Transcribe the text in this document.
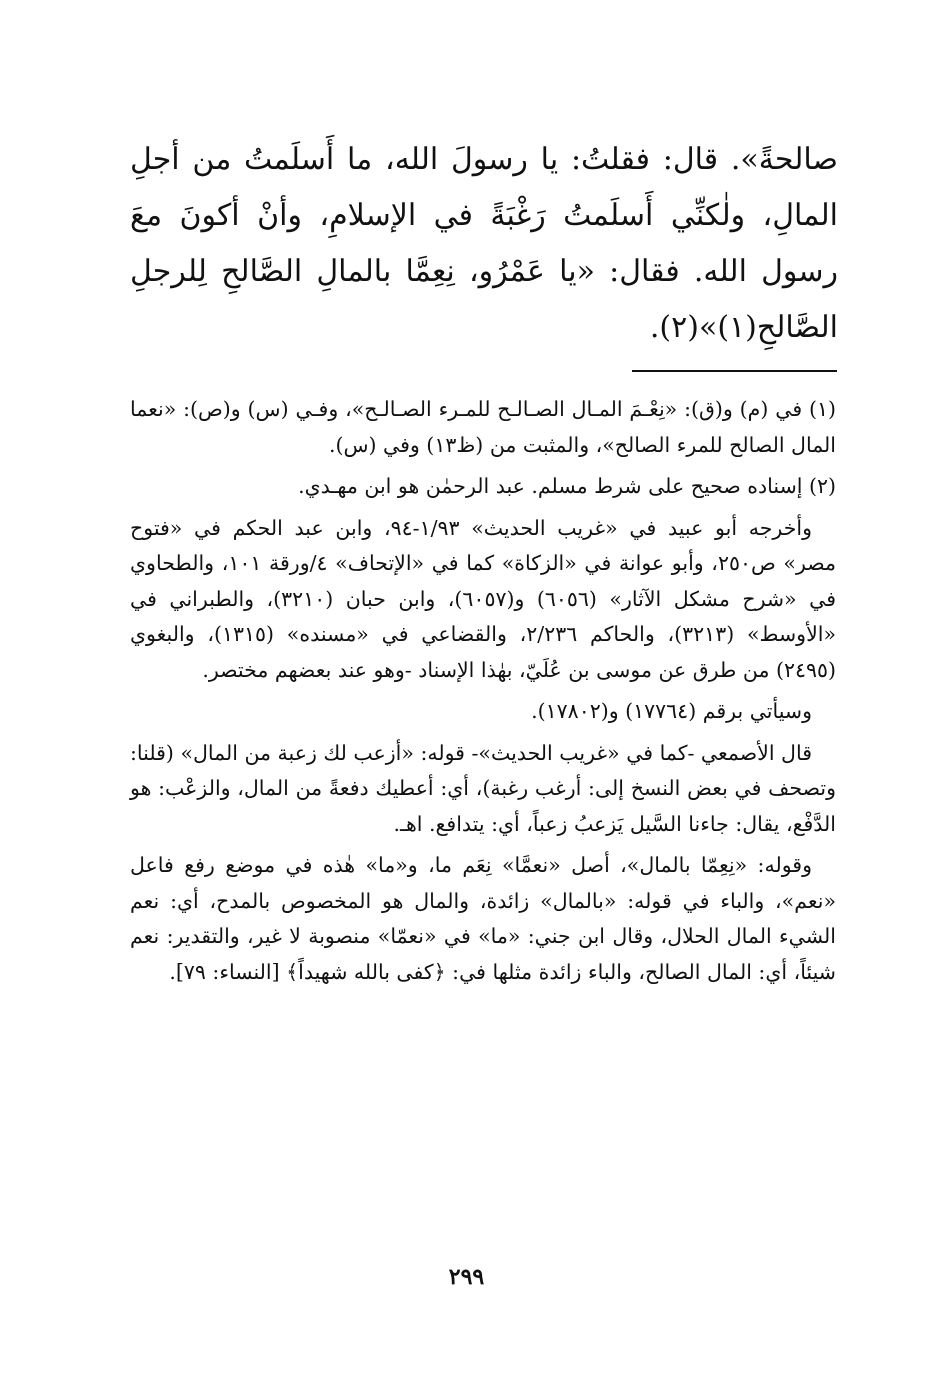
صالحةً». قال: فقلتُ: يا رسولَ الله، ما أَسلَمتُ من أجلِ المالِ، ولٰكنِّي أَسلَمتُ رَغْبَةً في الإسلامِ، وأنْ أكونَ معَ رسول الله. فقال: «يا عَمْرُو، نِعِمَّا بالمالِ الصَّالحِ لِلرجلِ الصَّالحِ(١)»(٢).

(١) في (م) و(ق): «نِعْـمَ المـال الصـالـح للمـرء الصـالـح»، وفـي (س) و(ص): «نعما المال الصالح للمرء الصالح»، والمثبت من (ظ١٣) وفي (س).

(٢) إسناده صحيح على شرط مسلم. عبد الرحمٰن هو ابن مهـدي.

وأخرجه أبو عبيد في «غريب الحديث» ١/٩٣-٩٤، وابن عبد الحكم في «فتوح مصر» ص٢٥٠، وأبو عوانة في «الزكاة» كما في «الإتحاف» ٤/ورقة ١٠١، والطحاوي في «شرح مشكل الآثار» (٦٠٥٦) و(٦٠٥٧)، وابن حبان (٣٢١٠)، والطبراني في «الأوسط» (٣٢١٣)، والحاكم ٢/٢٣٦، والقضاعي في «مسنده» (١٣١٥)، والبغوي (٢٤٩٥) من طرق عن موسى بن عُلَيّ، بهٰذا الإسناد -وهو عند بعضهم مختصر.

وسيأتي برقم (١٧٧٦٤) و(١٧٨٠٢).

قال الأصمعي -كما في «غريب الحديث»- قوله: «أزعب لك زعبة من المال» (قلنا: وتصحف في بعض النسخ إلى: أرغب رغبة)، أي: أعطيك دفعةً من المال، والزعْب: هو الدَّفْع، يقال: جاءنا السَّيل يَزعبُ زعباً، أي: يتدافع. اهـ.

وقوله: «نِعِمّا بالمال»، أصل «نعمَّا» نِعَم ما، و«ما» هٰذه في موضع رفع فاعل «نعم»، والباء في قوله: «بالمال» زائدة، والمال هو المخصوص بالمدح، أي: نعم الشيء المال الحلال، وقال ابن جني: «ما» في «نعمّا» منصوبة لا غير، والتقدير: نعم شيئاً، أي: المال الصالح، والباء زائدة مثلها في: ﴿كفى بالله شهيداً﴾ [النساء: ٧٩].

٢٩٩
